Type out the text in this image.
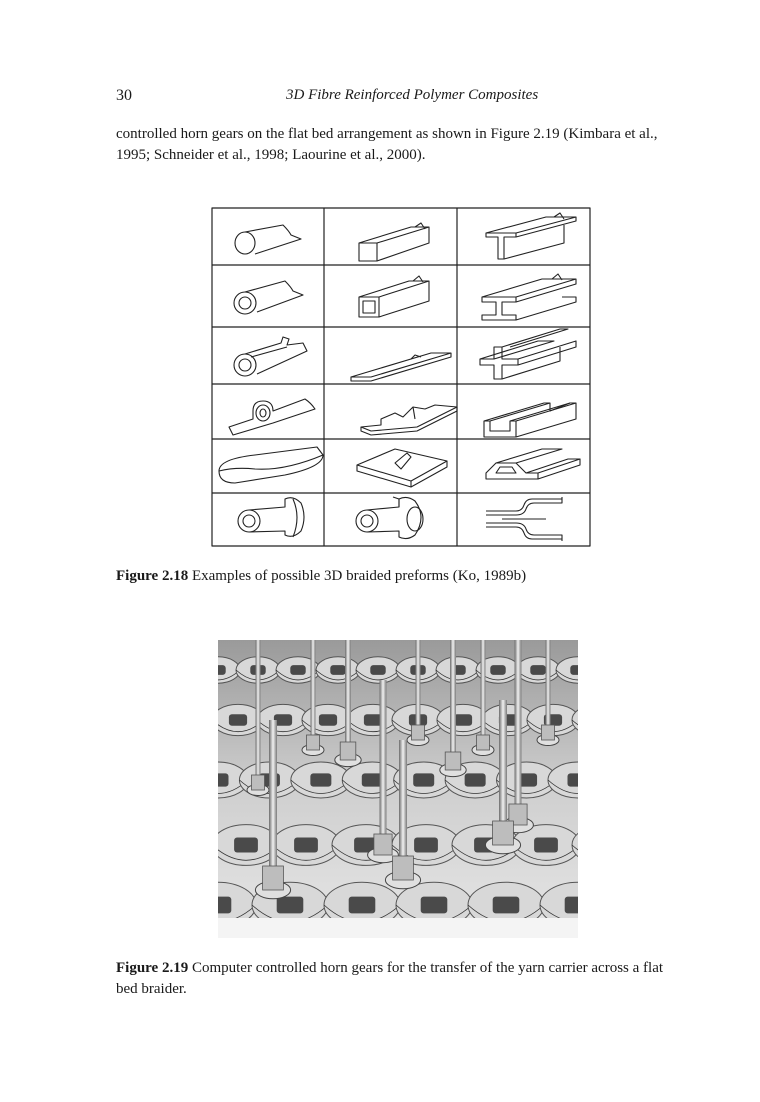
30	3D Fibre Reinforced Polymer Composites

controlled horn gears on the flat bed arrangement as shown in Figure 2.19 (Kimbara et al., 1995; Schneider et al., 1998; Laourine et al., 2000).

Figure 2.18 Examples of possible 3D braided preforms (Ko, 1989b)

Figure 2.19 Computer controlled horn gears for the transfer of the yarn carrier across a flat bed braider.
